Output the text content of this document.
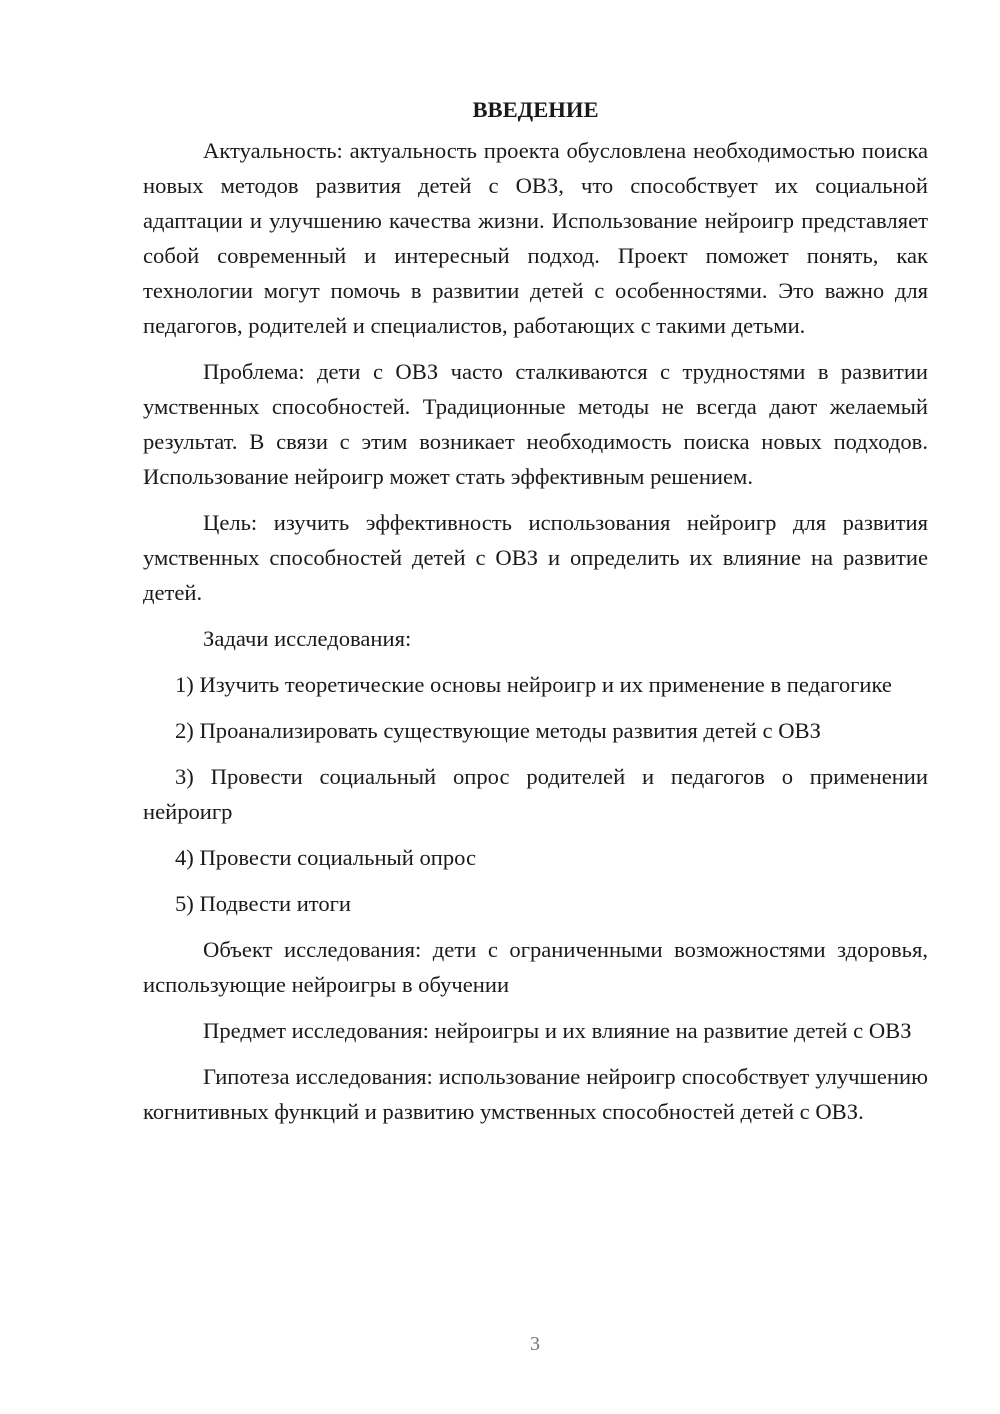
ВВЕДЕНИЕ

Актуальность: актуальность проекта обусловлена необходимостью поиска новых методов развития детей с ОВЗ, что способствует их социальной адаптации и улучшению качества жизни. Использование нейроигр представляет собой современный и интересный подход. Проект поможет понять, как технологии могут помочь в развитии детей с особенностями. Это важно для педагогов, родителей и специалистов, работающих с такими детьми.

Проблема: дети с ОВЗ часто сталкиваются с трудностями в развитии умственных способностей. Традиционные методы не всегда дают желаемый результат. В связи с этим возникает необходимость поиска новых подходов. Использование нейроигр может стать эффективным решением.

Цель: изучить эффективность использования нейроигр для развития умственных способностей детей с ОВЗ и определить их влияние на развитие детей.

Задачи исследования:

1) Изучить теоретические основы нейроигр и их применение в педагогике

2) Проанализировать существующие методы развития детей с ОВЗ

3) Провести социальный опрос родителей и педагогов о применении нейроигр

4) Провести социальный опрос

5) Подвести итоги

Объект исследования: дети с ограниченными возможностями здоровья, использующие нейроигры в обучении

Предмет исследования: нейроигры и их влияние на развитие детей с ОВЗ

Гипотеза исследования: использование нейроигр способствует улучшению когнитивных функций и развитию умственных способностей детей с ОВЗ.

3
